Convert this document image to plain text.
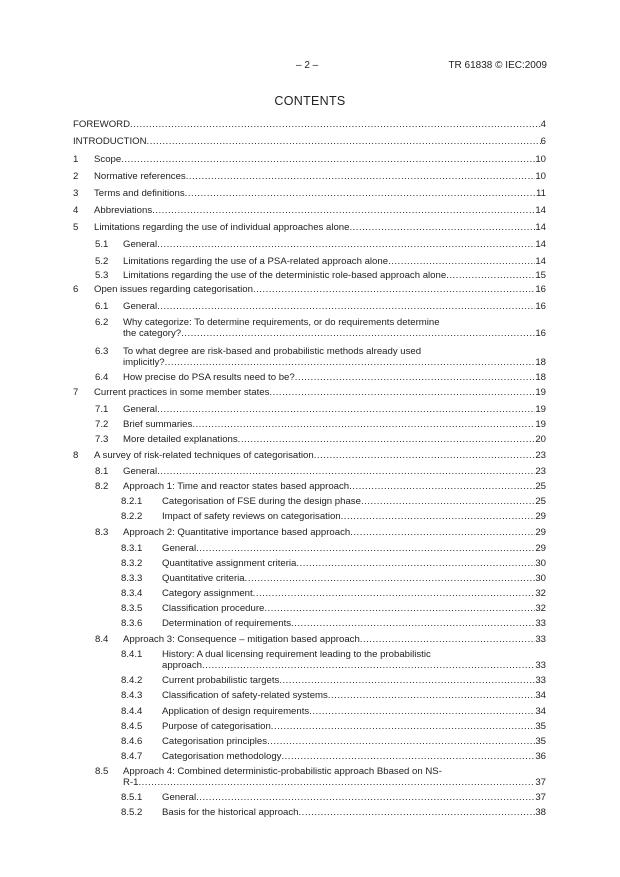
– 2 –	TR 61838 © IEC:2009
CONTENTS
FOREWORD .....	4
INTRODUCTION .....	6
1 Scope .....	10
2 Normative references .....	10
3 Terms and definitions .....	11
4 Abbreviations .....	14
5 Limitations regarding the use of individual approaches alone .....	14
5.1 General .....	14
5.2 Limitations regarding the use of a PSA-related approach alone .....	14
5.3 Limitations regarding the use of the deterministic role-based approach alone .....	15
6 Open issues regarding categorisation .....	16
6.1 General .....	16
6.2 Why categorize: To determine requirements, or do requirements determine
the category? .....	16
6.3 To what degree are risk-based and probabilistic methods already used
implicitly? .....	18
6.4 How precise do PSA results need to be? .....	18
7 Current practices in some member states .....	19
7.1 General .....	19
7.2 Brief summaries .....	19
7.3 More detailed explanations .....	20
8 A survey of risk-related techniques of categorisation .....	23
8.1 General .....	23
8.2 Approach 1: Time and reactor states based approach .....	25
8.2.1 Categorisation of FSE during the design phase .....	25
8.2.2 Impact of safety reviews on categorisation .....	29
8.3 Approach 2: Quantitative importance based approach .....	29
8.3.1 General .....	29
8.3.2 Quantitative assignment criteria .....	30
8.3.3 Quantitative criteria .....	30
8.3.4 Category assignment .....	32
8.3.5 Classification procedure .....	32
8.3.6 Determination of requirements .....	33
8.4 Approach 3: Consequence – mitigation based approach .....	33
8.4.1 History: A dual licensing requirement leading to the probabilistic
approach .....	33
8.4.2 Current probabilistic targets .....	33
8.4.3 Classification of safety-related systems .....	34
8.4.4 Application of design requirements .....	34
8.4.5 Purpose of categorisation .....	35
8.4.6 Categorisation principles .....	35
8.4.7 Categorisation methodology .....	36
8.5 Approach 4: Combined deterministic-probabilistic approach Bbased on NS-
R-1 .....	37
8.5.1 General .....	37
8.5.2 Basis for the historical approach .....	38
